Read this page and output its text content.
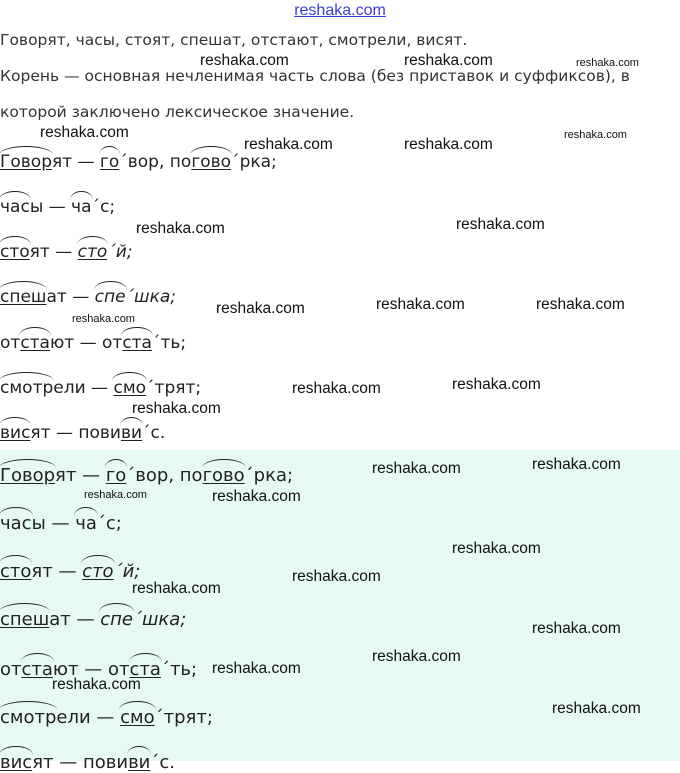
reshaka.com
Говорят, часы, стоят, спешат, отстают, смотрели, висят.
Корень — основная нечленимая часть слова (без приставок и суффиксов), в
которой заключено лексическое значение.
Говорят — го´вор, погово´рка;
часы — ча´с;
стоят — сто´й;
спешат — спе´шка;
отстают — отста´ть;
смотрели — смо´трят;
висят — повиви´с.
Говорят — го´вор, погово´рка;
часы — ча´с;
стоят — сто´й;
спешат — спе´шка;
отстают — отста´ть;
смотрели — смо´трят;
висят — повиви´с.
reshaka.com	reshaka.com	reshaka.com
reshaka.com
reshaka.com	reshaka.com
reshaka.com
reshaka.com	reshaka.com
reshaka.com	reshaka.com	reshaka.com
reshaka.com
reshaka.com	reshaka.com
reshaka.com
reshaka.com	reshaka.com
reshaka.com	reshaka.com
reshaka.com
reshaka.com
reshaka.com
reshaka.com
reshaka.com
reshaka.com
reshaka.com
reshaka.com
